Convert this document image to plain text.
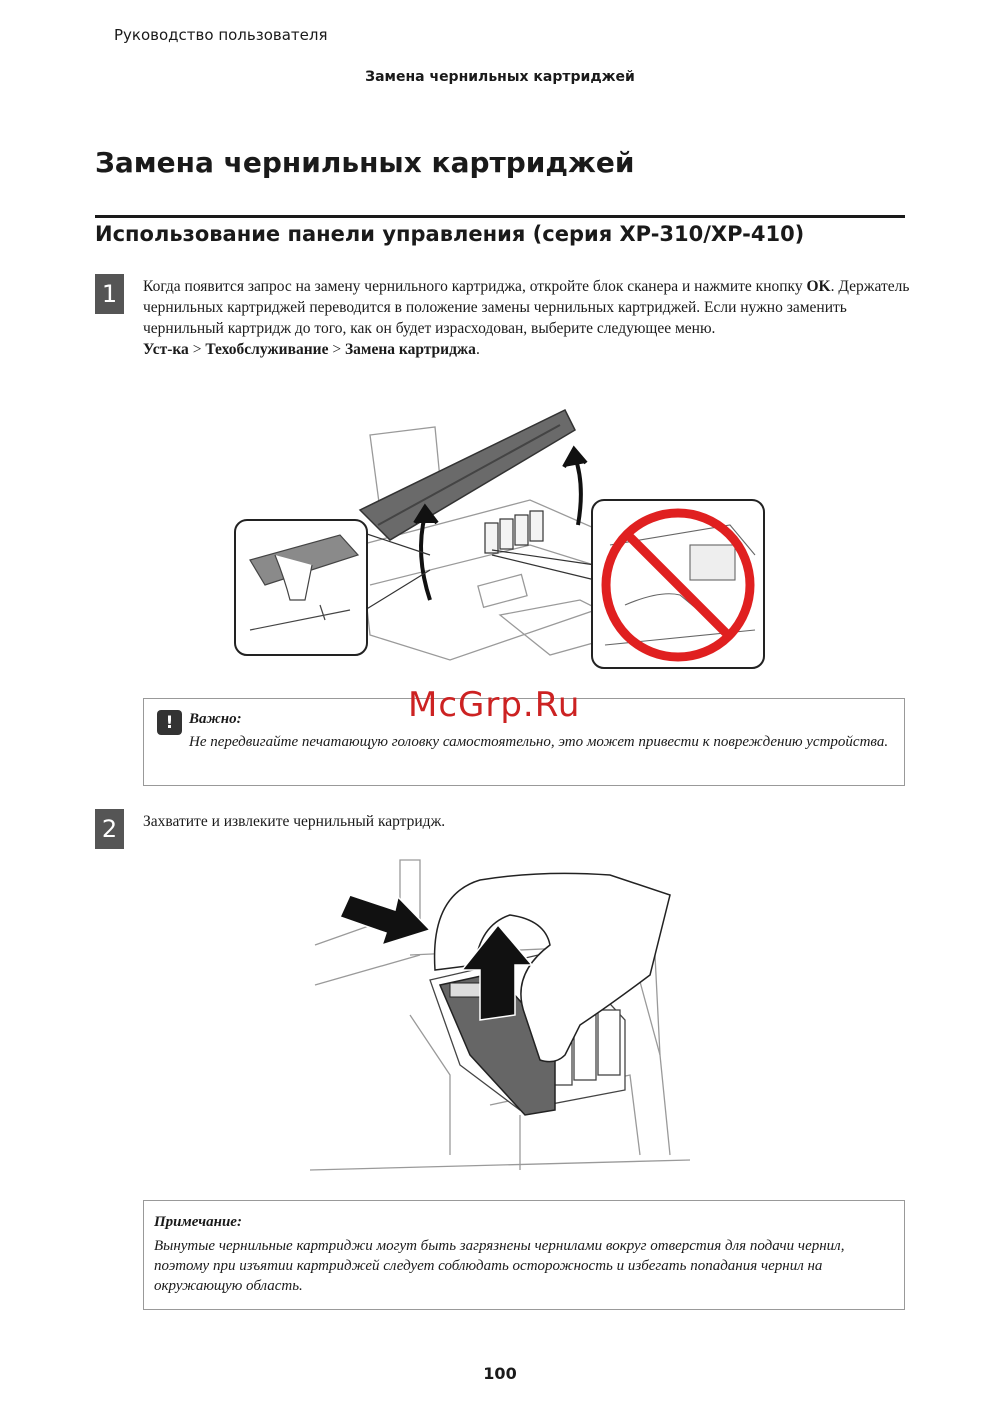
Руководство пользователя
Замена чернильных картриджей
Замена чернильных картриджей
Использование панели управления (серия XP-310/XP-410)
1	Когда появится запрос на замену чернильного картриджа, откройте блок сканера и нажмите кнопку OK. Держатель чернильных картриджей переводится в положение замены чернильных картриджей. Если нужно заменить чернильный картридж до того, как он будет израсходован, выберите следующее меню.
Уст-ка > Техобслуживание > Замена картриджа.
!	Важно:
Не передвигайте печатающую головку самостоятельно, это может привести к повреждению устройства.
McGrp.Ru
2	Захватите и извлеките чернильный картридж.
Примечание:
Вынутые чернильные картриджи могут быть загрязнены чернилами вокруг отверстия для подачи чернил, поэтому при изъятии картриджей следует соблюдать осторожность и избегать попадания чернил на окружающую область.
100
